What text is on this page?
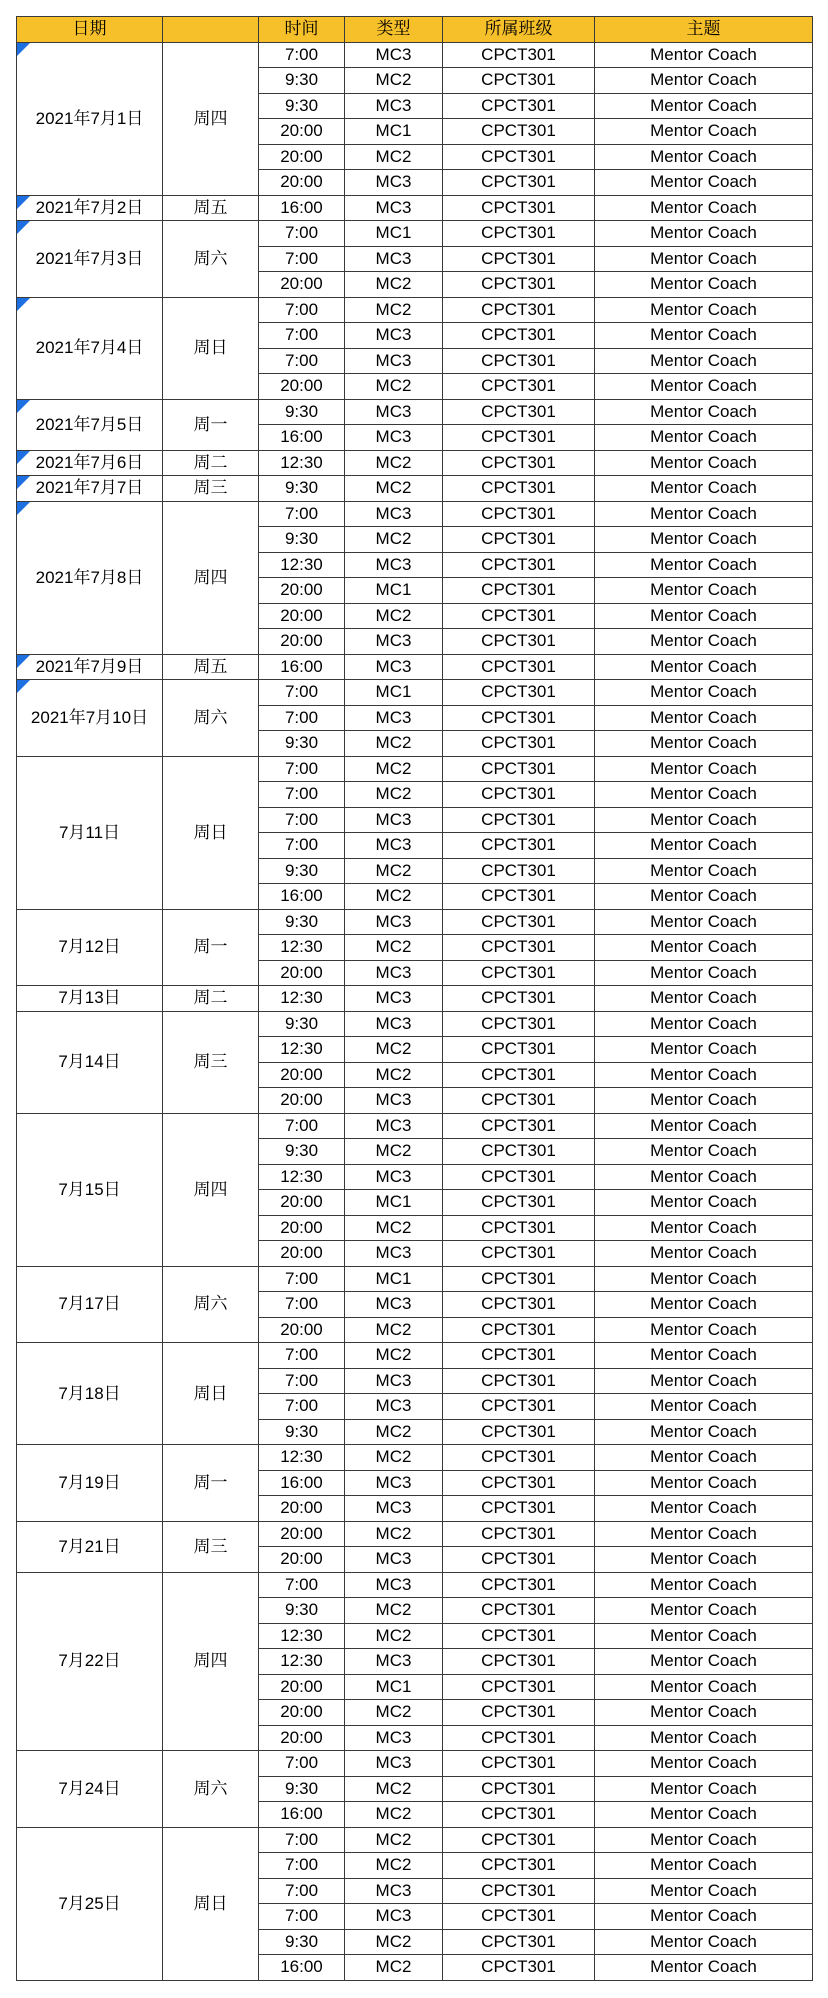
日期		时间	类型	所属班级	主题

2021年7月1日	周四	7:00	MC3	CPCT301	Mentor Coach
		9:30	MC2	CPCT301	Mentor Coach
		9:30	MC3	CPCT301	Mentor Coach
		20:00	MC1	CPCT301	Mentor Coach
		20:00	MC2	CPCT301	Mentor Coach
		20:00	MC3	CPCT301	Mentor Coach

2021年7月2日	周五	16:00	MC3	CPCT301	Mentor Coach

2021年7月3日	周六	7:00	MC1	CPCT301	Mentor Coach
		7:00	MC3	CPCT301	Mentor Coach
		20:00	MC2	CPCT301	Mentor Coach

2021年7月4日	周日	7:00	MC2	CPCT301	Mentor Coach
		7:00	MC3	CPCT301	Mentor Coach
		7:00	MC3	CPCT301	Mentor Coach
		20:00	MC2	CPCT301	Mentor Coach

2021年7月5日	周一	9:30	MC3	CPCT301	Mentor Coach
		16:00	MC3	CPCT301	Mentor Coach

2021年7月6日	周二	12:30	MC2	CPCT301	Mentor Coach

2021年7月7日	周三	9:30	MC2	CPCT301	Mentor Coach

2021年7月8日	周四	7:00	MC3	CPCT301	Mentor Coach
		9:30	MC2	CPCT301	Mentor Coach
		12:30	MC3	CPCT301	Mentor Coach
		20:00	MC1	CPCT301	Mentor Coach
		20:00	MC2	CPCT301	Mentor Coach
		20:00	MC3	CPCT301	Mentor Coach

2021年7月9日	周五	16:00	MC3	CPCT301	Mentor Coach

2021年7月10日	周六	7:00	MC1	CPCT301	Mentor Coach
		7:00	MC3	CPCT301	Mentor Coach
		9:30	MC2	CPCT301	Mentor Coach
7月11日	周日	7:00	MC2	CPCT301	Mentor Coach
		7:00	MC2	CPCT301	Mentor Coach
		7:00	MC3	CPCT301	Mentor Coach
		7:00	MC3	CPCT301	Mentor Coach
		9:30	MC2	CPCT301	Mentor Coach
		16:00	MC2	CPCT301	Mentor Coach
7月12日	周一	9:30	MC3	CPCT301	Mentor Coach
		12:30	MC2	CPCT301	Mentor Coach
		20:00	MC3	CPCT301	Mentor Coach
7月13日	周二	12:30	MC3	CPCT301	Mentor Coach
7月14日	周三	9:30	MC3	CPCT301	Mentor Coach
		12:30	MC2	CPCT301	Mentor Coach
		20:00	MC2	CPCT301	Mentor Coach
		20:00	MC3	CPCT301	Mentor Coach
7月15日	周四	7:00	MC3	CPCT301	Mentor Coach
		9:30	MC2	CPCT301	Mentor Coach
		12:30	MC3	CPCT301	Mentor Coach
		20:00	MC1	CPCT301	Mentor Coach
		20:00	MC2	CPCT301	Mentor Coach
		20:00	MC3	CPCT301	Mentor Coach
7月17日	周六	7:00	MC1	CPCT301	Mentor Coach
		7:00	MC3	CPCT301	Mentor Coach
		20:00	MC2	CPCT301	Mentor Coach
7月18日	周日	7:00	MC2	CPCT301	Mentor Coach
		7:00	MC3	CPCT301	Mentor Coach
		7:00	MC3	CPCT301	Mentor Coach
		9:30	MC2	CPCT301	Mentor Coach
7月19日	周一	12:30	MC2	CPCT301	Mentor Coach
		16:00	MC3	CPCT301	Mentor Coach
		20:00	MC3	CPCT301	Mentor Coach
7月21日	周三	20:00	MC2	CPCT301	Mentor Coach
		20:00	MC3	CPCT301	Mentor Coach
7月22日	周四	7:00	MC3	CPCT301	Mentor Coach
		9:30	MC2	CPCT301	Mentor Coach
		12:30	MC2	CPCT301	Mentor Coach
		12:30	MC3	CPCT301	Mentor Coach
		20:00	MC1	CPCT301	Mentor Coach
		20:00	MC2	CPCT301	Mentor Coach
		20:00	MC3	CPCT301	Mentor Coach
7月24日	周六	7:00	MC3	CPCT301	Mentor Coach
		9:30	MC2	CPCT301	Mentor Coach
		16:00	MC2	CPCT301	Mentor Coach
7月25日	周日	7:00	MC2	CPCT301	Mentor Coach
		7:00	MC2	CPCT301	Mentor Coach
		7:00	MC3	CPCT301	Mentor Coach
		7:00	MC3	CPCT301	Mentor Coach
		9:30	MC2	CPCT301	Mentor Coach
		16:00	MC2	CPCT301	Mentor Coach
